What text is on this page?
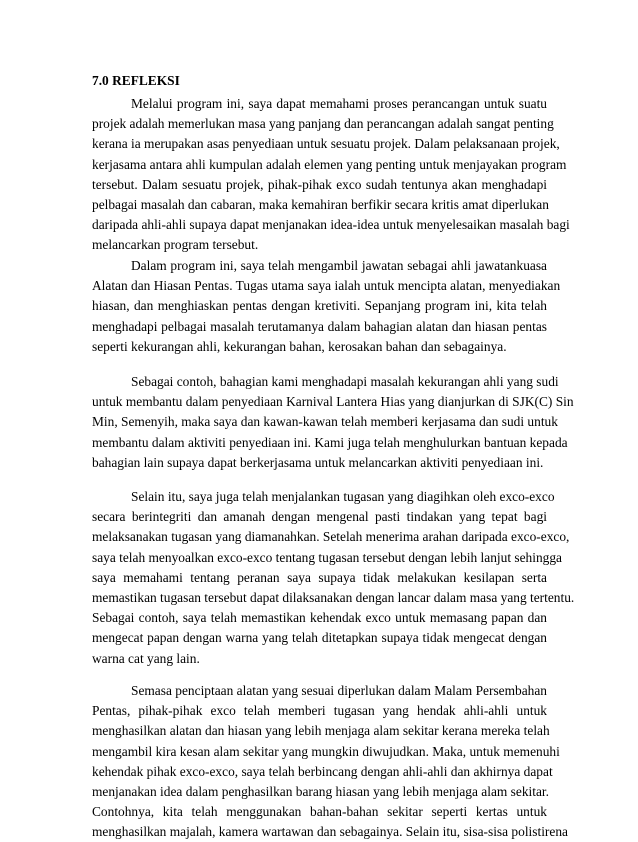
7.0 REFLEKSI
Melalui program ini, saya dapat memahami proses perancangan untuk suatu
projek adalah memerlukan masa yang panjang dan perancangan adalah sangat penting
kerana ia merupakan asas penyediaan untuk sesuatu projek. Dalam pelaksanaan projek,
kerjasama antara ahli kumpulan adalah elemen yang penting untuk menjayakan program
tersebut. Dalam sesuatu projek, pihak-pihak exco sudah tentunya akan menghadapi
pelbagai masalah dan cabaran, maka kemahiran berfikir secara kritis amat diperlukan
daripada ahli-ahli supaya dapat menjanakan idea-idea untuk menyelesaikan masalah bagi
melancarkan program tersebut.
Dalam program ini, saya telah mengambil jawatan sebagai ahli jawatankuasa
Alatan dan Hiasan Pentas. Tugas utama saya ialah untuk mencipta alatan, menyediakan
hiasan, dan menghiaskan pentas dengan kretiviti. Sepanjang program ini, kita telah
menghadapi pelbagai masalah terutamanya dalam bahagian alatan dan hiasan pentas
seperti kekurangan ahli, kekurangan bahan, kerosakan bahan dan sebagainya.
Sebagai contoh, bahagian kami menghadapi masalah kekurangan ahli yang sudi
untuk membantu dalam penyediaan Karnival Lantera Hias yang dianjurkan di SJK(C) Sin
Min, Semenyih, maka saya dan kawan-kawan telah memberi kerjasama dan sudi untuk
membantu dalam aktiviti penyediaan ini. Kami juga telah menghulurkan bantuan kepada
bahagian lain supaya dapat berkerjasama untuk melancarkan aktiviti penyediaan ini.
Selain itu, saya juga telah menjalankan tugasan yang diagihkan oleh exco-exco
secara berintegriti dan amanah dengan mengenal pasti tindakan yang tepat bagi
melaksanakan tugasan yang diamanahkan. Setelah menerima arahan daripada exco-exco,
saya telah menyoalkan exco-exco tentang tugasan tersebut dengan lebih lanjut sehingga
saya memahami tentang peranan saya supaya tidak melakukan kesilapan serta
memastikan tugasan tersebut dapat dilaksanakan dengan lancar dalam masa yang tertentu.
Sebagai contoh, saya telah memastikan kehendak exco untuk memasang papan dan
mengecat papan dengan warna yang telah ditetapkan supaya tidak mengecat dengan
warna cat yang lain.
Semasa penciptaan alatan yang sesuai diperlukan dalam Malam Persembahan
Pentas, pihak-pihak exco telah memberi tugasan yang hendak ahli-ahli untuk
menghasilkan alatan dan hiasan yang lebih menjaga alam sekitar kerana mereka telah
mengambil kira kesan alam sekitar yang mungkin diwujudkan. Maka, untuk memenuhi
kehendak pihak exco-exco, saya telah berbincang dengan ahli-ahli dan akhirnya dapat
menjanakan idea dalam penghasilkan barang hiasan yang lebih menjaga alam sekitar.
Contohnya, kita telah menggunakan bahan-bahan sekitar seperti kertas untuk
menghasilkan majalah, kamera wartawan dan sebagainya. Selain itu, sisa-sisa polistirena
